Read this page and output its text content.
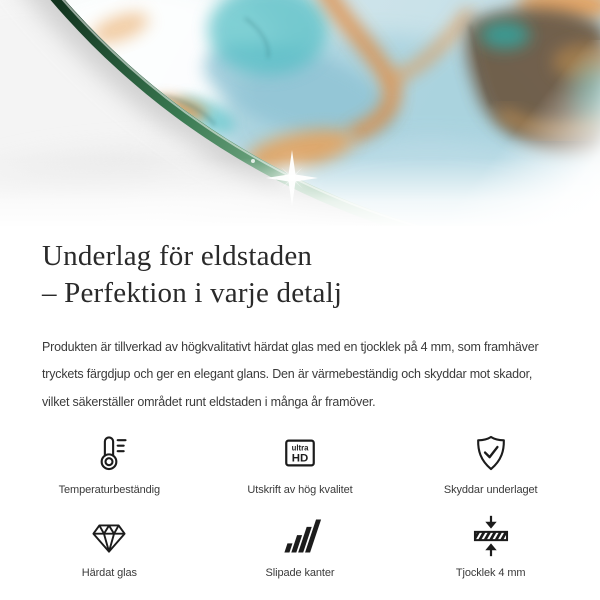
Underlag för eldstaden
– Perfektion i varje detalj

Produkten är tillverkad av högkvalitativt härdat glas med en tjocklek på 4 mm, som framhäver
tryckets färgdjup och ger en elegant glans. Den är värmebeständig och skyddar mot skador,
vilket säkerställer området runt eldstaden i många år framöver.

Temperaturbeständig
ultra
HD
Utskrift av hög kvalitet	Skyddar underlaget
Härdat glas	Slipade kanter	Tjocklek 4 mm
